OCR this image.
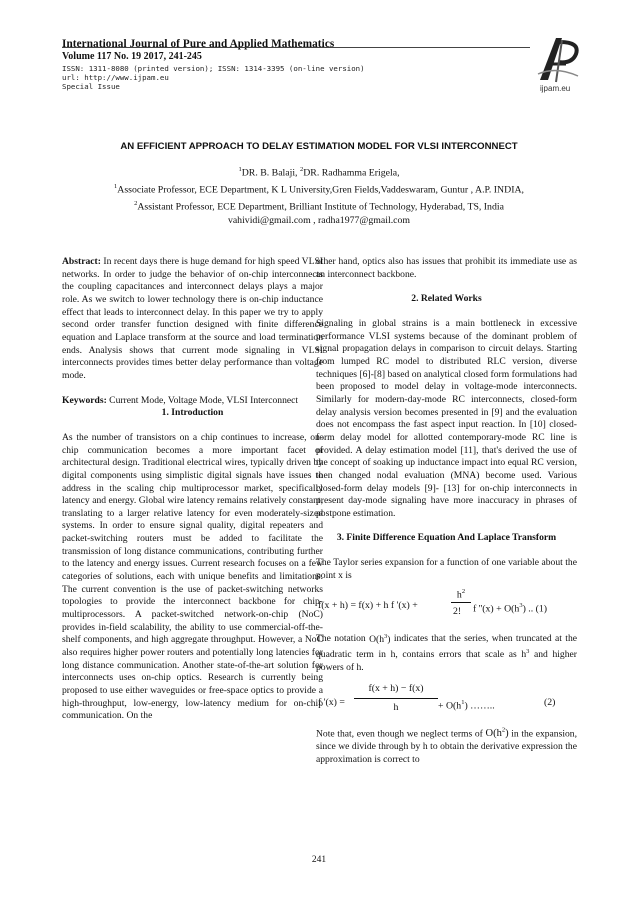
International Journal of Pure and Applied Mathematics
Volume 117 No. 19 2017, 241-245
ISSN: 1311-8080 (printed version); ISSN: 1314-3395 (on-line version)
url: http://www.ijpam.eu
Special Issue	ijpam.eu
AN EFFICIENT APPROACH TO DELAY ESTIMATION MODEL FOR VLSI INTERCONNECT
$^1$DR. B. Balaji, $^2$DR. Radhamma Erigela,
$^1$Associate Professor, ECE Department, K L University,Gren Fields,Vaddeswaram, Guntur , A.P. INDIA,
$^2$Assistant Professor, ECE Department, Brilliant Institute of Technology, Hyderabad, TS, India
vahividi@gmail.com , radha1977@gmail.com

Abstract: In recent days there is huge demand for high speed VLSI networks. In order to judge the behavior of on-chip interconnects the coupling capacitances and interconnect delays plays a major role. As we switch to lower technology there is on-chip inductance effect that leads to interconnect delay. In this paper we try to apply second order transfer function designed with finite difference equation and Laplace transform at the source and load termination ends. Analysis shows that current mode signaling in VLSI interconnects provides times better delay performance than voltage mode.

Keywords: Current Mode, Voltage Mode, VLSI Interconnect

1. Introduction

As the number of transistors on a chip continues to increase, on-chip communication becomes a more important facet of architectural design. Traditional electrical wires, typically driven by digital components using simplistic digital signals have issues to address in the scaling chip multiprocessor market, specifically latency and energy. Global wire latency remains relatively constant, translating to a larger relative latency for even moderately-sized systems. In order to ensure signal quality, digital repeaters and packet-switching routers must be added to facilitate the transmission of long distance communications, contributing further to the latency and energy issues. Current research focuses on a few categories of solutions, each with unique benefits and limitations. The current convention is the use of packet-switching networks topologies to provide the interconnect backbone for chip-multiprocessors. A packet-switched network-on-chip (NoC) provides in-field scalability, the ability to use commercial-off-the-shelf components, and high aggregate throughput. However, a NoC also requires higher power routers and potentially long latencies for long distance communication. Another state-of-the-art solution for interconnects uses on-chip optics. Research is currently being proposed to use either waveguides or free-space optics to provide a high-throughput, low-energy, low-latency medium for on-chip communication. On the

other hand, optics also has issues that prohibit its immediate use as an interconnect backbone.

2. Related Works

Signaling in global strains is a main bottleneck in excessive performance VLSI systems because of the dominant problem of signal propagation delays in comparison to circuit delays. Starting from lumped RC model to distributed RLC version, diverse techniques [6]-[8] based on analytical closed form formulations had been proposed to model delay in voltage-mode interconnects. Similarly for modern-day-mode RC interconnects, closed-form delay analysis version becomes presented in [9] and the evaluation does not encompass the fast aspect input reaction. In [10] closed-form delay model for allotted contemporary-mode RC line is provided. A delay estimation model [11], that's derived the use of the concept of soaking up inductance impact into equal RC version, then changed nodal evaluation (MNA) become used. Various closed-form delay models [9]- [13] for on-chip interconnects in present day-mode signaling have more inaccuracy in phrases of postpone estimation.

3. Finite Difference Equation And Laplace Transform

The Taylor series expansion for a function of one variable about the point x is

f(x + h) = f(x) + h f '(x) +
$h^2$
2! f ''$(x) + O(h^3)$ .. (1)

The notation $O(h^3)$ indicates that the series, when truncated at the quadratic term in h, contains errors that scale as $h^3$ and higher powers of h.

f '(x) =
f(x + h) − f(x)
h	+ $O(h^1)$ ……..	(2)

Note that, even though we neglect terms of $O(h^2)$ in the expansion, since we divide through by h to obtain the derivative expression the approximation is correct to

241
